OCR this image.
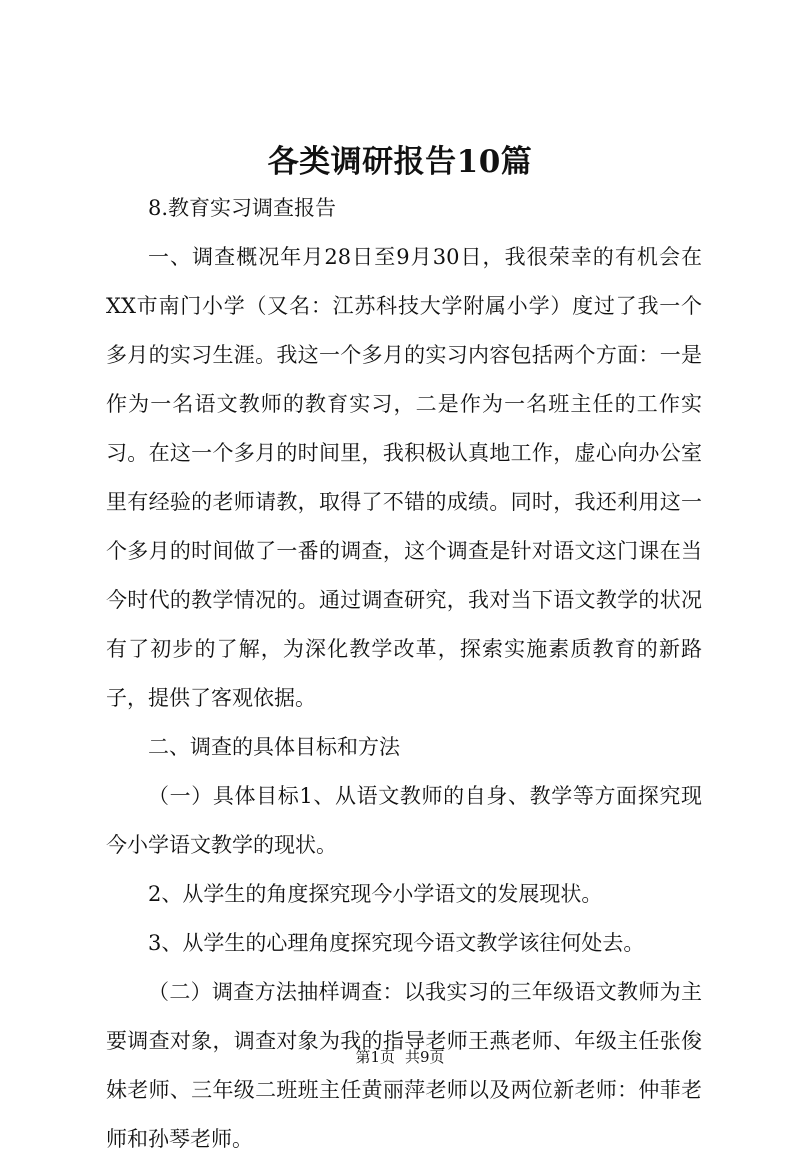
各类调研报告10篇

8.教育实习调查报告

一、调查概况年月28日至9月30日，我很荣幸的有机会在XX市南门小学（又名：江苏科技大学附属小学）度过了我一个多月的实习生涯。我这一个多月的实习内容包括两个方面：一是作为一名语文教师的教育实习，二是作为一名班主任的工作实习。在这一个多月的时间里，我积极认真地工作，虚心向办公室里有经验的老师请教，取得了不错的成绩。同时，我还利用这一个多月的时间做了一番的调查，这个调查是针对语文这门课在当今时代的教学情况的。通过调查研究，我对当下语文教学的状况有了初步的了解，为深化教学改革，探索实施素质教育的新路子，提供了客观依据。

二、调查的具体目标和方法

（一）具体目标1、从语文教师的自身、教学等方面探究现今小学语文教学的现状。

2、从学生的角度探究现今小学语文的发展现状。

3、从学生的心理角度探究现今语文教学该往何处去。

（二）调查方法抽样调查：以我实习的三年级语文教师为主要调查对象，调查对象为我的指导老师王燕老师、年级主任张俊妹老师、三年级二班班主任黄丽萍老师以及两位新老师：仲菲老师和孙琴老师。

第1页 共9页
